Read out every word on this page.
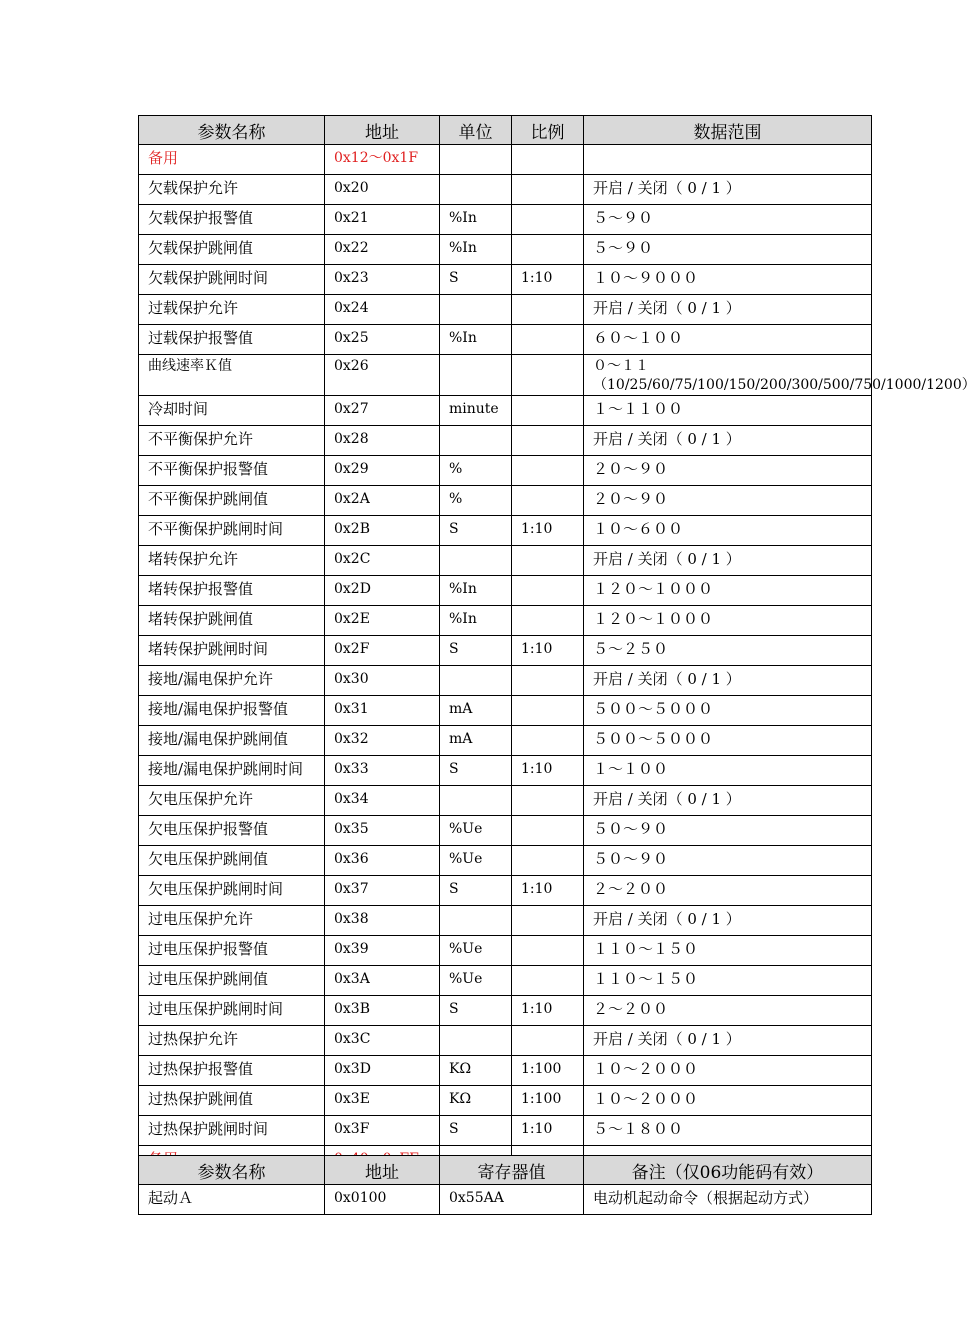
参数名称	地址	单位	比例	数据范围
备用	0x12～0x1F			
欠载保护允许	0x20			开启 / 关闭（ 0 / 1 ）
欠载保护报警值	0x21	%In		５～９０
欠载保护跳闸值	0x22	%In		５～９０
欠载保护跳闸时间	0x23	S	1:10	１０～９０００
过载保护允许	0x24			开启 / 关闭（ 0 / 1 ）
过载保护报警值	0x25	%In		６０～１００
曲线速率Ｋ值	0x26			０～１１（10/25/60/75/100/150/200/300/500/750/1000/1200）
冷却时间	0x27	minute		１～１１００
不平衡保护允许	0x28			开启 / 关闭（ 0 / 1 ）
不平衡保护报警值	0x29	%		２０～９０
不平衡保护跳闸值	0x2A	%		２０～９０
不平衡保护跳闸时间	0x2B	S	1:10	１０～６００
堵转保护允许	0x2C			开启 / 关闭（ 0 / 1 ）
堵转保护报警值	0x2D	%In		１２０～１０００
堵转保护跳闸值	0x2E	%In		１２０～１０００
堵转保护跳闸时间	0x2F	S	1:10	５～２５０
接地/漏电保护允许	0x30			开启 / 关闭（ 0 / 1 ）
接地/漏电保护报警值	0x31	mA		５００～５０００
接地/漏电保护跳闸值	0x32	mA		５００～５０００
接地/漏电保护跳闸时间	0x33	S	1:10	１～１００
欠电压保护允许	0x34			开启 / 关闭（ 0 / 1 ）
欠电压保护报警值	0x35	%Ue		５０～９０
欠电压保护跳闸值	0x36	%Ue		５０～９０
欠电压保护跳闸时间	0x37	S	1:10	２～２００
过电压保护允许	0x38			开启 / 关闭（ 0 / 1 ）
过电压保护报警值	0x39	%Ue		１１０～１５０
过电压保护跳闸值	0x3A	%Ue		１１０～１５０
过电压保护跳闸时间	0x3B	S	1:10	２～２００
过热保护允许	0x3C			开启 / 关闭（ 0 / 1 ）
过热保护报警值	0x3D	KΩ	1:100	１０～２０００
过热保护跳闸值	0x3E	KΩ	1:100	１０～２０００
过热保护跳闸时间	0x3F	S	1:10	５～１８００

参数名称	地址	寄存器值	备注（仅06功能码有效）
起动Ａ	0x0100	0x55AA	电动机起动命令（根据起动方式）
